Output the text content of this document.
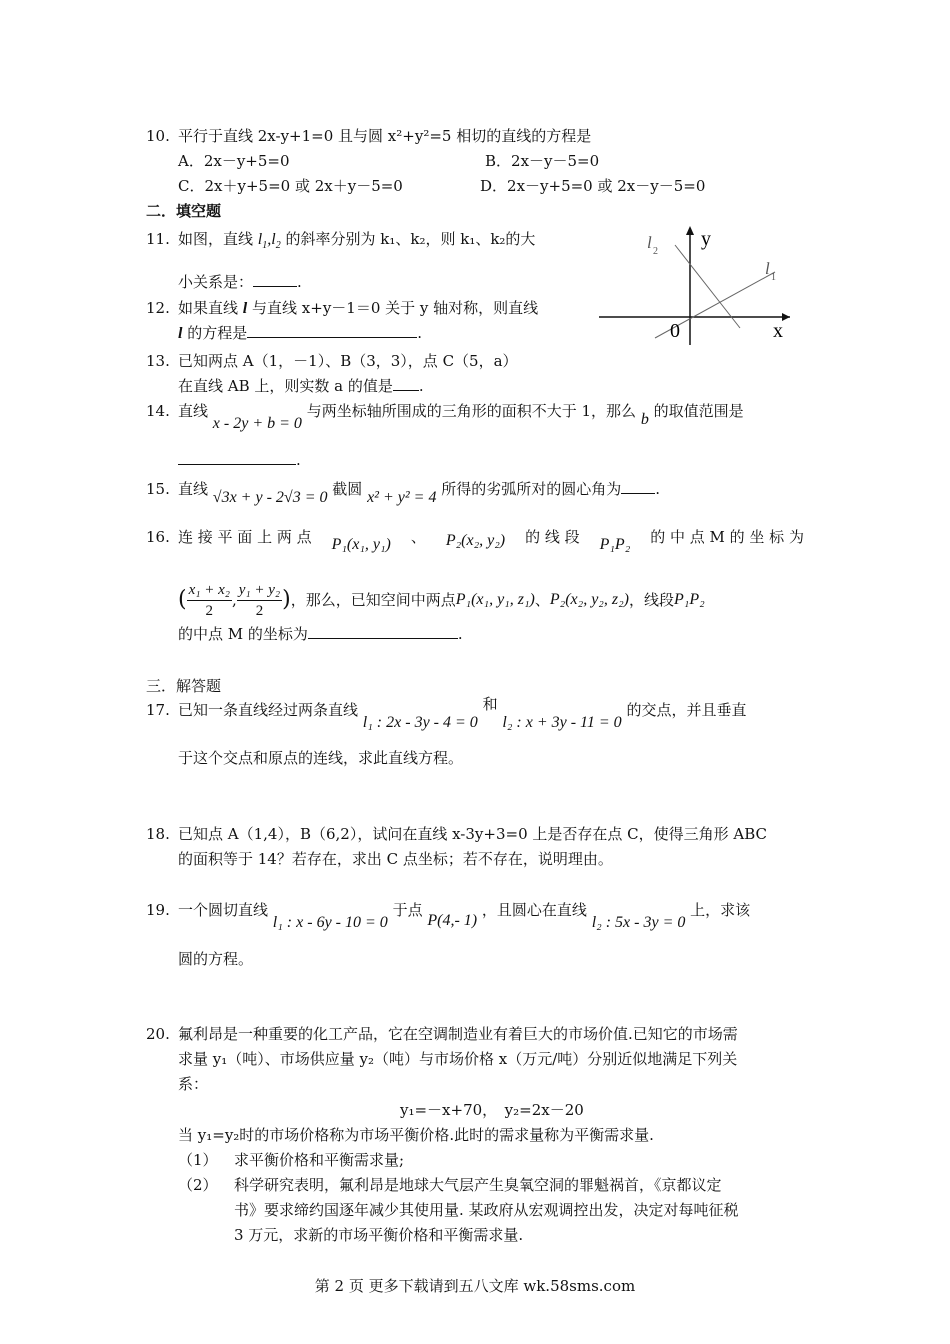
10. 平行于直线 2x-y+1=0 且与圆 x²+y²=5 相切的直线的方程是
A．2x－y+5=0	B．2x－y－5=0
C．2x＋y+5=0 或 2x＋y－5=0	D．2x－y+5=0 或 2x－y－5=0
二．填空题
11. 如图，直线 $l_1,l_2$ 的斜率分别为 k₁、k₂，则 k₁、k₂的大
小关系是：	.
y
x
0
l 2
l 1
12. 如果直线 l 与直线 x+y－1＝0 关于 y 轴对称，则直线
l 的方程是	.
13. 已知两点 A（1，－1）、B（3，3），点 C（5，a）
在直线 AB 上，则实数 a 的值是 .
14. 直线 x - 2y + b = 0 与两坐标轴所围成的三角形的面积不大于 1，那么 b 的取值范围是
.
15. 直线 √3x + y - 2√3 = 0 截圆 x² + y² = 4 所得的劣弧所对的圆心角为 .
16. 连 接 平 面 上 两 点 P₁(x₁, y₁) 、 P₂(x₂, y₂) 的 线 段 P₁P₂ 的 中 点 M 的 坐 标 为
( $\frac{\text{x₁ + x₂}}{2}$ , $\frac{\text{y₁ + y₂}}{2}$ ) ，那么，已知空间中两点 P₁(x₁, y₁, z₁) 、 P₂(x₂, y₂, z₂) ，线段 P₁P₂
的中点 M 的坐标为	.
三．解答题
17. 已知一条直线经过两条直线 l₁ : 2x - 3y - 4 = 0 和 l₂ : x + 3y - 11 = 0 的交点，并且垂直
于这个交点和原点的连线，求此直线方程。
18. 已知点 A（1,4），B（6,2），试问在直线 x-3y+3=0 上是否存在点 C，使得三角形 ABC
的面积等于 14？若存在，求出 C 点坐标；若不存在，说明理由。
19. 一个圆切直线 l₁ : x - 6y - 10 = 0 于点 P(4,- 1) ，且圆心在直线 l₂ : 5x - 3y = 0 上，求该
圆的方程。
20. 氟利昂是一种重要的化工产品，它在空调制造业有着巨大的市场价值.已知它的市场需
求量 y₁（吨）、市场供应量 y₂（吨）与市场价格 x（万元/吨）分别近似地满足下列关
系：
y₁=－x+70，　y₂=2x－20
当 y₁=y₂时的市场价格称为市场平衡价格.此时的需求量称为平衡需求量.
（1） 求平衡价格和平衡需求量;
（2） 科学研究表明，氟利昂是地球大气层产生臭氧空洞的罪魁祸首，《京都议定
书》要求缔约国逐年减少其使用量. 某政府从宏观调控出发，决定对每吨征税
3 万元，求新的市场平衡价格和平衡需求量.
第 2 页 更多下载请到五八文库 wk.58sms.com
